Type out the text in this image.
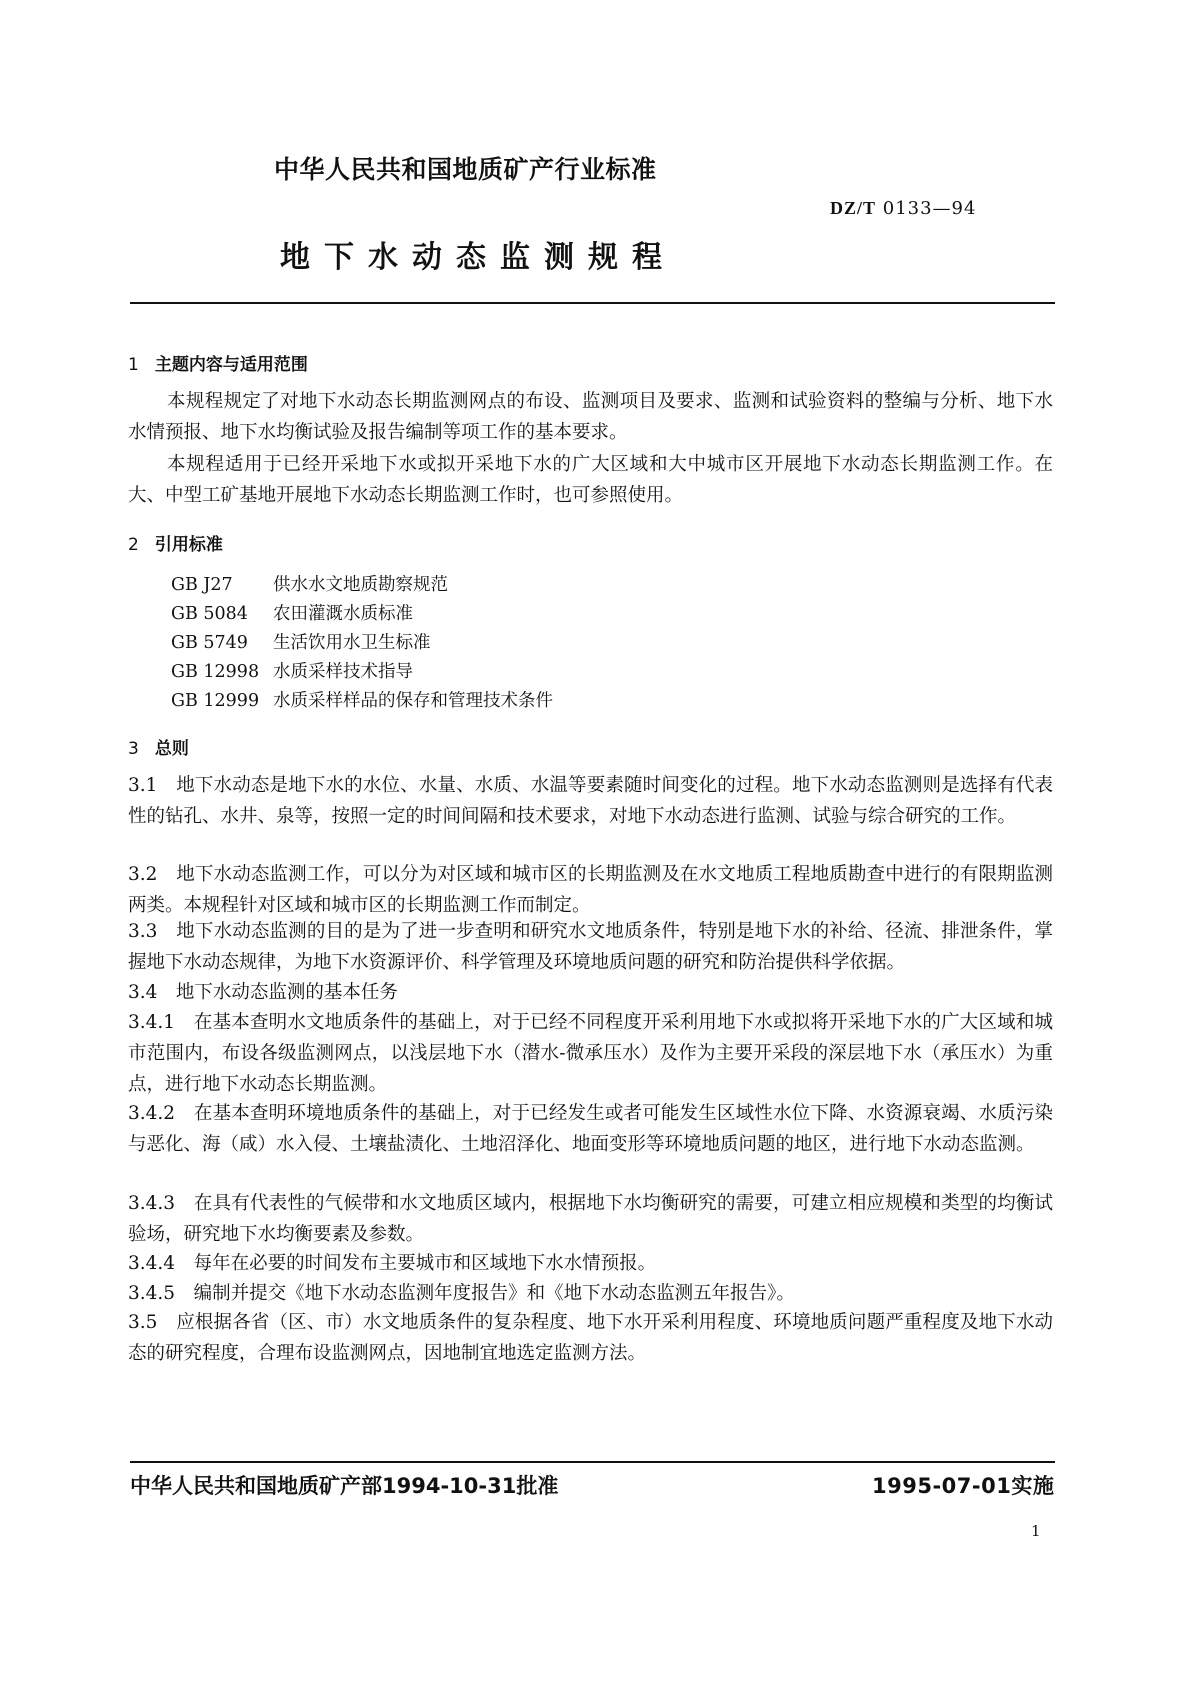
中华人民共和国地质矿产行业标准
DZ/T 0133—94
地下水动态监测规程
1 主题内容与适用范围
本规程规定了对地下水动态长期监测网点的布设、监测项目及要求、监测和试验资料的整编与分析、地下水水情预报、地下水均衡试验及报告编制等项工作的基本要求。
本规程适用于已经开采地下水或拟开采地下水的广大区域和大中城市区开展地下水动态长期监测工作。在大、中型工矿基地开展地下水动态长期监测工作时，也可参照使用。
2 引用标准
GB J27 供水水文地质勘察规范
GB 5084 农田灌溉水质标准
GB 5749 生活饮用水卫生标准
GB 12998 水质采样技术指导
GB 12999 水质采样样品的保存和管理技术条件
3 总则
3.1　地下水动态是地下水的水位、水量、水质、水温等要素随时间变化的过程。地下水动态监测则是选择有代表性的钻孔、水井、泉等，按照一定的时间间隔和技术要求，对地下水动态进行监测、试验与综合研究的工作。
3.2　地下水动态监测工作，可以分为对区域和城市区的长期监测及在水文地质工程地质勘查中进行的有限期监测两类。本规程针对区域和城市区的长期监测工作而制定。
3.3　地下水动态监测的目的是为了进一步查明和研究水文地质条件，特别是地下水的补给、径流、排泄条件，掌握地下水动态规律，为地下水资源评价、科学管理及环境地质问题的研究和防治提供科学依据。
3.4　地下水动态监测的基本任务
3.4.1　在基本查明水文地质条件的基础上，对于已经不同程度开采利用地下水或拟将开采地下水的广大区域和城市范围内，布设各级监测网点，以浅层地下水（潜水-微承压水）及作为主要开采段的深层地下水（承压水）为重点，进行地下水动态长期监测。
3.4.2　在基本查明环境地质条件的基础上，对于已经发生或者可能发生区域性水位下降、水资源衰竭、水质污染与恶化、海（咸）水入侵、土壤盐渍化、土地沼泽化、地面变形等环境地质问题的地区，进行地下水动态监测。
3.4.3　在具有代表性的气候带和水文地质区域内，根据地下水均衡研究的需要，可建立相应规模和类型的均衡试验场，研究地下水均衡要素及参数。
3.4.4　每年在必要的时间发布主要城市和区域地下水水情预报。
3.4.5　编制并提交《地下水动态监测年度报告》和《地下水动态监测五年报告》。
3.5　应根据各省（区、市）水文地质条件的复杂程度、地下水开采利用程度、环境地质问题严重程度及地下水动态的研究程度，合理布设监测网点，因地制宜地选定监测方法。
中华人民共和国地质矿产部1994-10-31批准	1995-07-01实施
1
